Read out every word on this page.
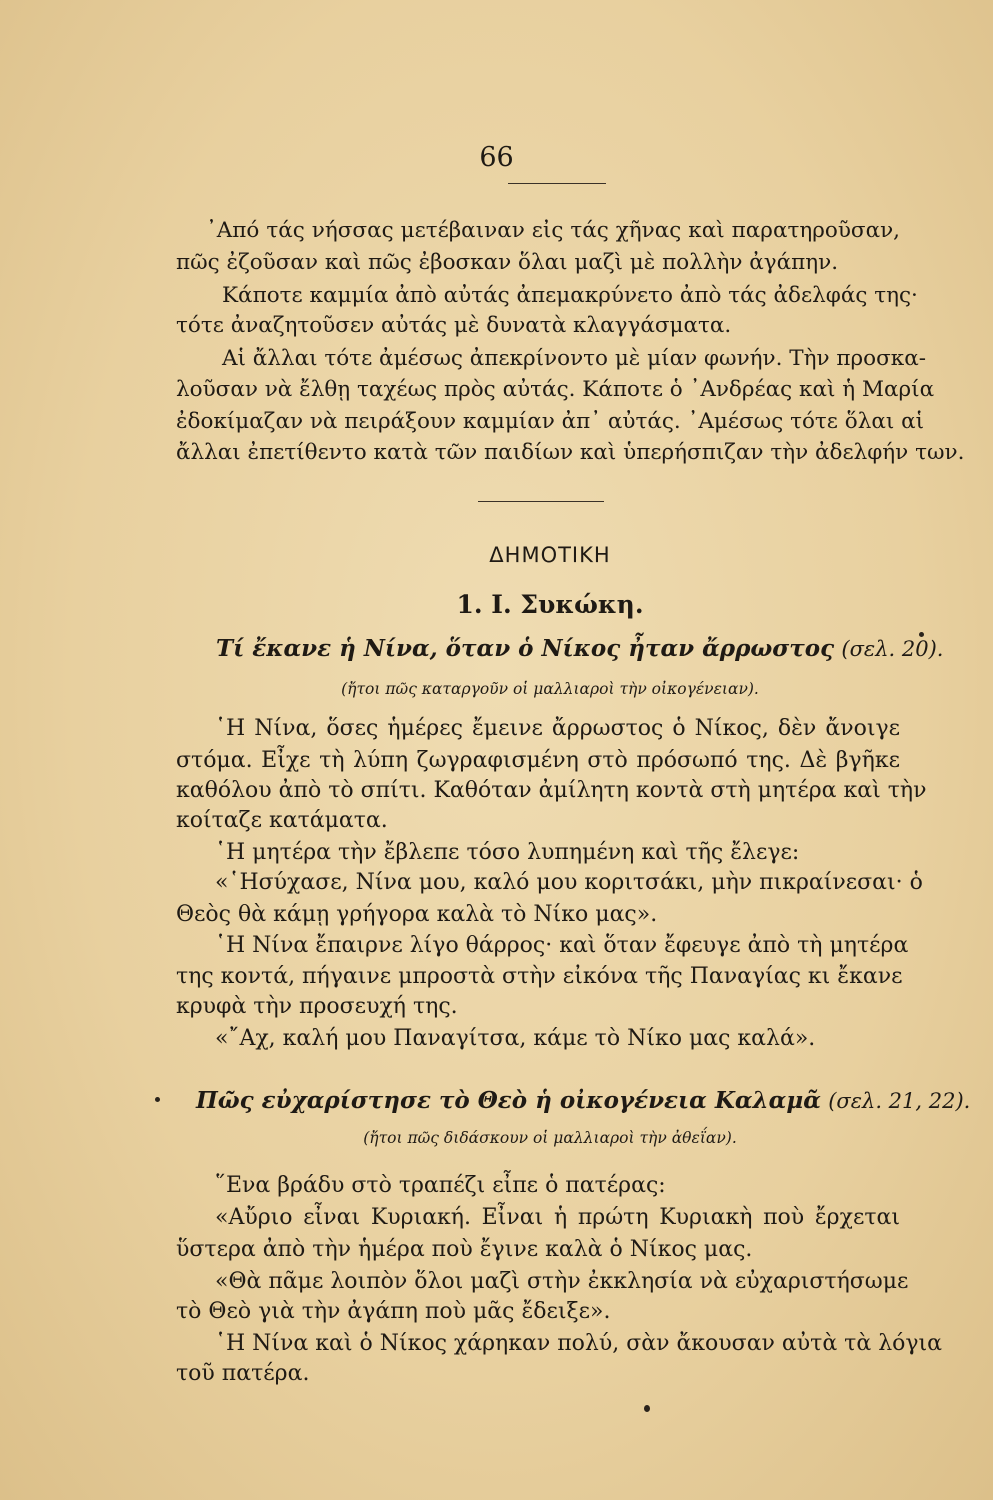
66
᾿Από τάς νήσσας μετέβαιναν εἰς τάς χῆνας καὶ παρατηροῦσαν,
πῶς ἐζοῦσαν καὶ πῶς ἐβοσκαν ὅλαι μαζὶ μὲ πολλὴν ἀγάπην.
Κάποτε καμμία ἀπὸ αὐτάς ἀπεμακρύνετο ἀπὸ τάς ἀδελφάς της·
τότε ἀναζητοῦσεν αὐτάς μὲ δυνατὰ κλαγγάσματα.
Αἱ ἄλλαι τότε ἀμέσως ἀπεκρίνοντο μὲ μίαν φωνήν. Τὴν προσκα-
λοῦσαν νὰ ἔλθῃ ταχέως πρὸς αὐτάς. Κάποτε ὁ ᾿Ανδρέας καὶ ἡ Μαρία
ἐδοκίμαζαν νὰ πειράξουν καμμίαν ἀπ᾿ αὐτάς. ᾿Αμέσως τότε ὅλαι αἱ
ἄλλαι ἐπετίθεντο κατὰ τῶν παιδίων καὶ ὑπερήσπιζαν τὴν ἀδελφήν των.
ΔΗΜΟΤΙΚΗ
1. Ι. Συκώκη.
Τί ἔκανε ἡ Νίνα, ὅταν ὁ Νίκος ἦταν ἄρρωστος (σελ. 20).
(ἤτοι πῶς καταργοῦν οἱ μαλλιαροὶ τὴν οἰκογένειαν).
῾Η Νίνα, ὅσες ἡμέρες ἔμεινε ἄρρωστος ὁ Νίκος, δὲν ἄνοιγε
στόμα. Εἶχε τὴ λύπη ζωγραφισμένη στὸ πρόσωπό της. Δὲ βγῆκε
καθόλου ἀπὸ τὸ σπίτι. Καθόταν ἀμίλητη κοντὰ στὴ μητέρα καὶ τὴν
κοίταζε κατάματα.
῾Η μητέρα τὴν ἔβλεπε τόσο λυπημένη καὶ τῆς ἔλεγε:
«῾Ησύχασε, Νίνα μου, καλό μου κοριτσάκι, μὴν πικραίνεσαι· ὁ
Θεὸς θὰ κάμῃ γρήγορα καλὰ τὸ Νίκο μας».
῾Η Νίνα ἔπαιρνε λίγο θάρρος· καὶ ὅταν ἔφευγε ἀπὸ τὴ μητέρα
της κοντά, πήγαινε μπροστὰ στὴν εἰκόνα τῆς Παναγίας κι ἔκανε
κρυφὰ τὴν προσευχή της.
«῎Αχ, καλή μου Παναγίτσα, κάμε τὸ Νίκο μας καλά».
Πῶς εὐχαρίστησε τὸ Θεὸ ἡ οἰκογένεια Καλαμᾶ (σελ. 21, 22).
(ἤτοι πῶς διδάσκουν οἱ μαλλιαροὶ τὴν ἀθεΐαν).
῞Ενα βράδυ στὸ τραπέζι εἶπε ὁ πατέρας:
«Αὔριο εἶναι Κυριακή. Εἶναι ἡ πρώτη Κυριακὴ ποὺ ἔρχεται
ὕστερα ἀπὸ τὴν ἡμέρα ποὺ ἔγινε καλὰ ὁ Νίκος μας.
«Θὰ πᾶμε λοιπὸν ὅλοι μαζὶ στὴν ἐκκλησία νὰ εὐχαριστήσωμε
τὸ Θεὸ γιὰ τὴν ἀγάπη ποὺ μᾶς ἔδειξε».
῾Η Νίνα καὶ ὁ Νίκος χάρηκαν πολύ, σὰν ἄκουσαν αὐτὰ τὰ λόγια
τοῦ πατέρα.
